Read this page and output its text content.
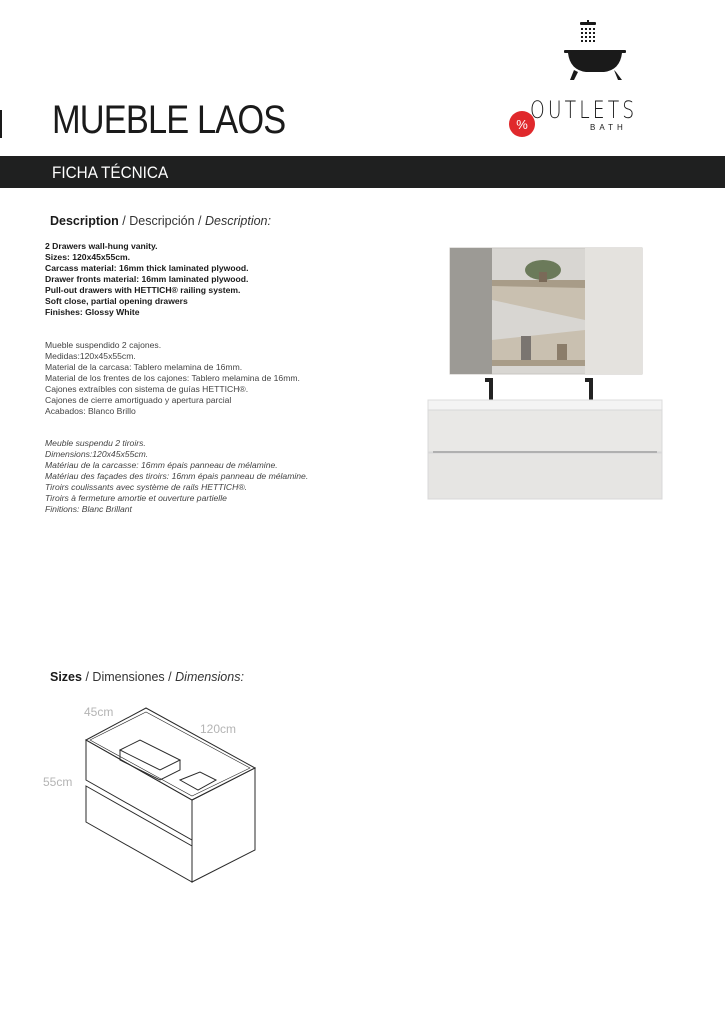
MUEBLE LAOS	%
OUTLETS
BATH
FICHA TÉCNICA
Description / Descripción / Description:
2 Drawers wall-hung vanity.
Sizes: 120x45x55cm.
Carcass material: 16mm thick laminated plywood.
Drawer fronts material: 16mm laminated plywood.
Pull-out drawers with HETTICH® railing system.
Soft close, partial opening drawers
Finishes: Glossy White
Mueble suspendido 2 cajones.
Medidas:120x45x55cm.
Material de la carcasa: Tablero melamina de 16mm.
Material de los frentes de los cajones: Tablero melamina de 16mm.
Cajones extraíbles con sistema de guías HETTICH®.
Cajones de cierre amortiguado y apertura parcial
Acabados: Blanco Brillo
Meuble suspendu 2 tiroirs.
Dimensions:120x45x55cm.
Matériau de la carcasse: 16mm épais panneau de mélamine.
Matériau des façades des tiroirs: 16mm épais panneau de mélamine.
Tiroirs coulissants avec système de rails HETTICH®.
Tiroirs à fermeture amortie et ouverture partielle
Finitions: Blanc Brillant
Sizes / Dimensiones / Dimensions:
45cm
120cm
55cm
